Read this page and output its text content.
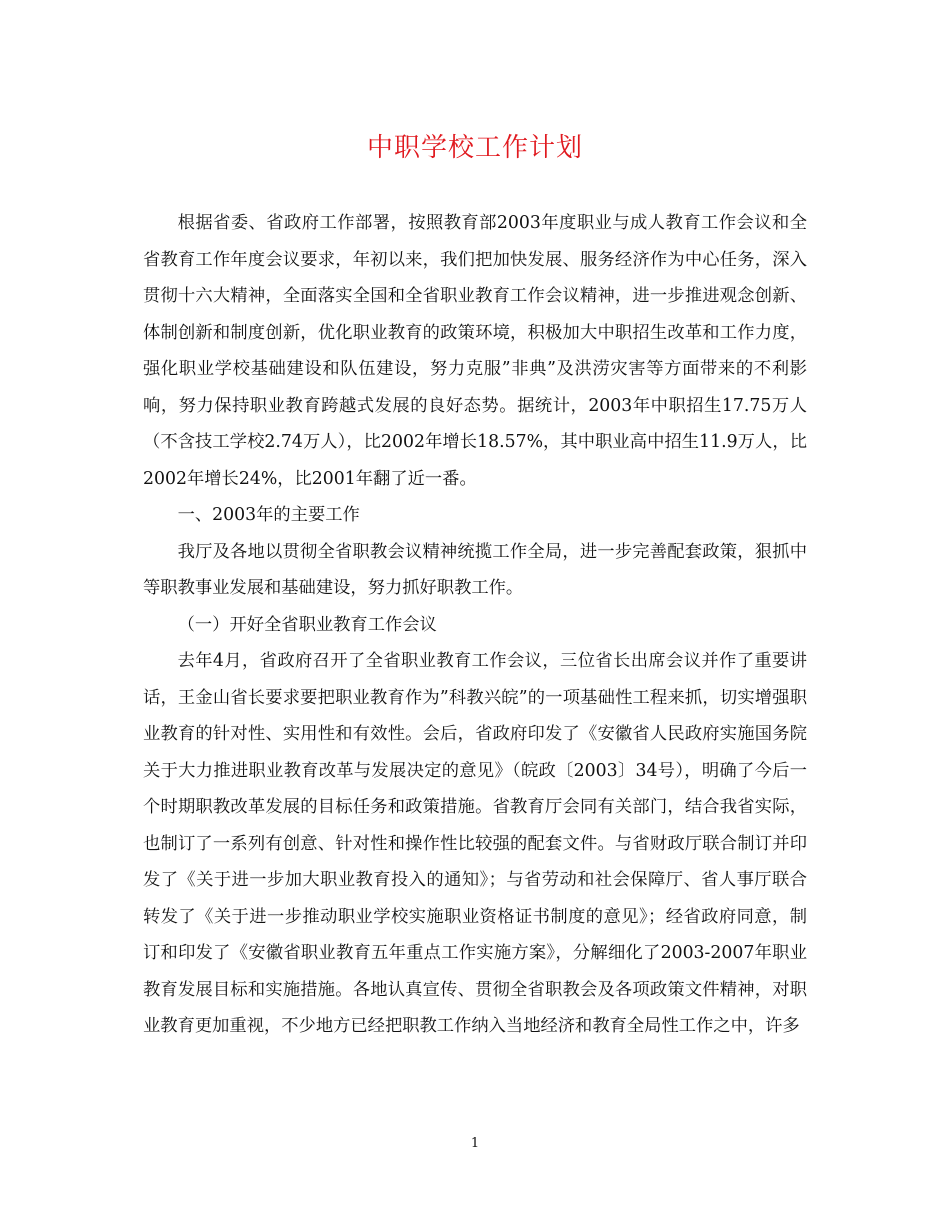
中职学校工作计划

根据省委、省政府工作部署，按照教育部2003年度职业与成人教育工作会议和全省教育工作年度会议要求，年初以来，我们把加快发展、服务经济作为中心任务，深入贯彻十六大精神，全面落实全国和全省职业教育工作会议精神，进一步推进观念创新、体制创新和制度创新，优化职业教育的政策环境，积极加大中职招生改革和工作力度，强化职业学校基础建设和队伍建设，努力克服”非典”及洪涝灾害等方面带来的不利影响，努力保持职业教育跨越式发展的良好态势。据统计，2003年中职招生17.75万人（不含技工学校2.74万人），比2002年增长18.57%，其中职业高中招生11.9万人，比2002年增长24%，比2001年翻了近一番。

一、2003年的主要工作

我厅及各地以贯彻全省职教会议精神统揽工作全局，进一步完善配套政策，狠抓中等职教事业发展和基础建设，努力抓好职教工作。

（一）开好全省职业教育工作会议

去年4月，省政府召开了全省职业教育工作会议，三位省长出席会议并作了重要讲话，王金山省长要求要把职业教育作为”科教兴皖”的一项基础性工程来抓，切实增强职业教育的针对性、实用性和有效性。会后，省政府印发了《安徽省人民政府实施国务院关于大力推进职业教育改革与发展决定的意见》（皖政〔2003〕34号），明确了今后一个时期职教改革发展的目标任务和政策措施。省教育厅会同有关部门，结合我省实际，也制订了一系列有创意、针对性和操作性比较强的配套文件。与省财政厅联合制订并印发了《关于进一步加大职业教育投入的通知》；与省劳动和社会保障厅、省人事厅联合转发了《关于进一步推动职业学校实施职业资格证书制度的意见》；经省政府同意，制订和印发了《安徽省职业教育五年重点工作实施方案》，分解细化了2003-2007年职业教育发展目标和实施措施。各地认真宣传、贯彻全省职教会及各项政策文件精神，对职业教育更加重视，不少地方已经把职教工作纳入当地经济和教育全局性工作之中，许多

1
